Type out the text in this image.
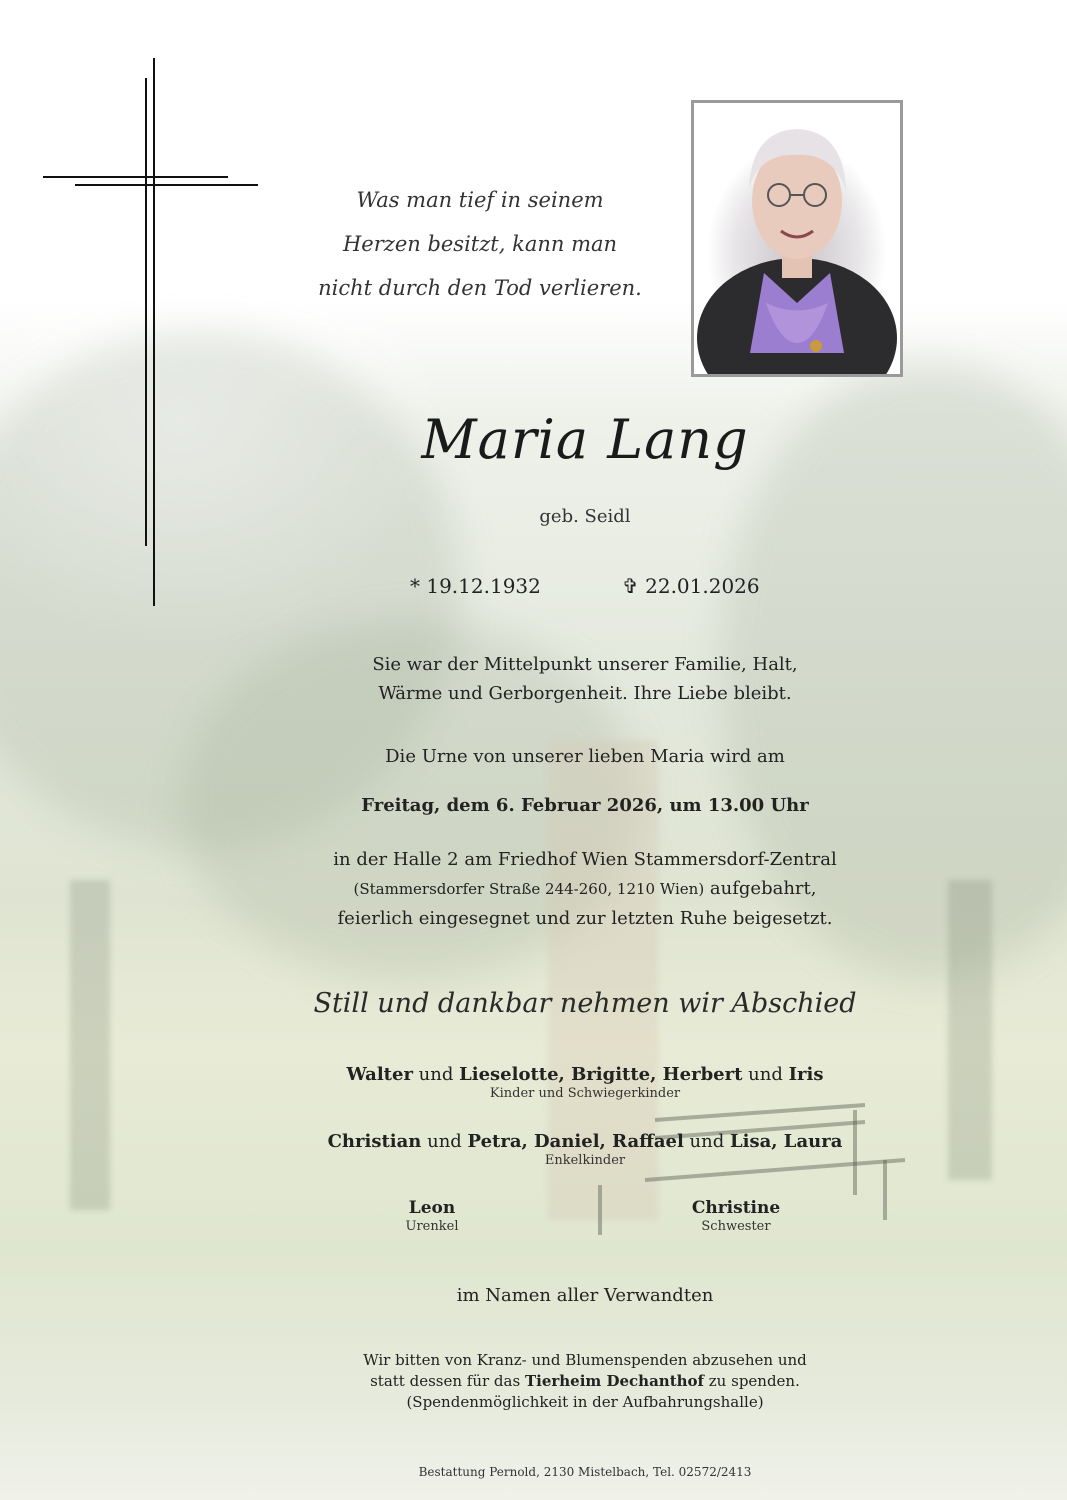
Was man tief in seinem
Herzen besitzt, kann man
nicht durch den Tod verlieren.
Maria Lang
geb. Seidl
* 19.12.1932	✞ 22.01.2026
Sie war der Mittelpunkt unserer Familie, Halt,
Wärme und Gerborgenheit. Ihre Liebe bleibt.
Die Urne von unserer lieben Maria wird am
Freitag, dem 6. Februar 2026, um 13.00 Uhr
in der Halle 2 am Friedhof Wien Stammersdorf-Zentral
(Stammersdorfer Straße 244-260, 1210 Wien) aufgebahrt,
feierlich eingesegnet und zur letzten Ruhe beigesetzt.
Still und dankbar nehmen wir Abschied
Walter und Lieselotte, Brigitte, Herbert und Iris
Kinder und Schwiegerkinder
Christian und Petra, Daniel, Raffael und Lisa, Laura
Enkelkinder
Leon
Urenkel
Christine
Schwester
im Namen aller Verwandten
Wir bitten von Kranz- und Blumenspenden abzusehen und
statt dessen für das Tierheim Dechanthof zu spenden.
(Spendenmöglichkeit in der Aufbahrungshalle)
Bestattung Pernold, 2130 Mistelbach, Tel. 02572/2413
